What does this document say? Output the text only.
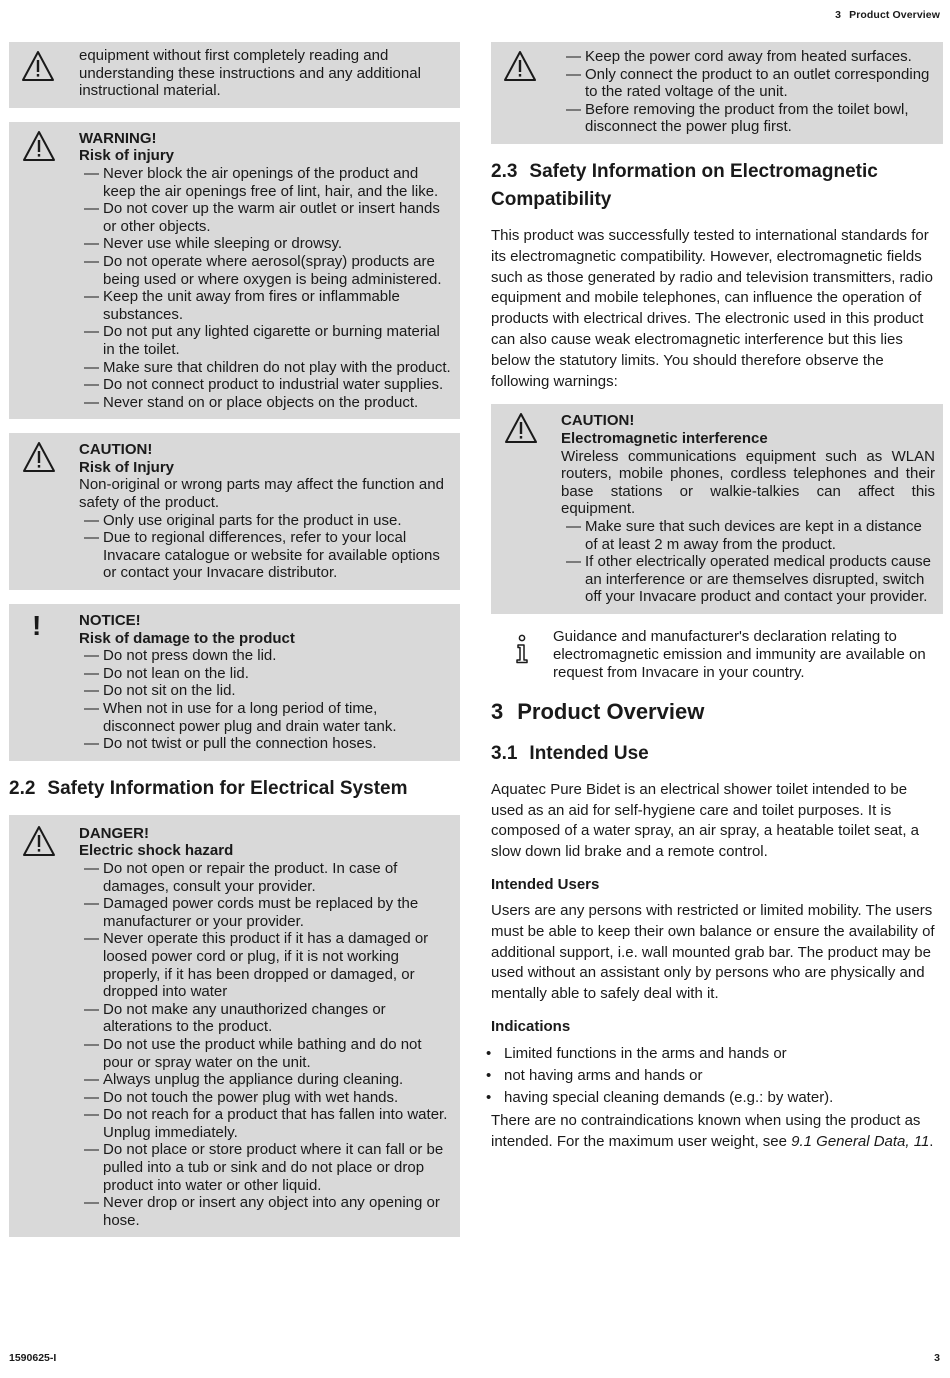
3 Product Overview

equipment without first completely reading and understanding these instructions and any additional instructional material.

WARNING!
Risk of injury
— Never block the air openings of the product and keep the air openings free of lint, hair, and the like.
— Do not cover up the warm air outlet or insert hands or other objects.
— Never use while sleeping or drowsy.
— Do not operate where aerosol(spray) products are being used or where oxygen is being administered.
— Keep the unit away from fires or inflammable substances.
— Do not put any lighted cigarette or burning material in the toilet.
— Make sure that children do not play with the product.
— Do not connect product to industrial water supplies.
— Never stand on or place objects on the product.
CAUTION!
Risk of Injury

Non-original or wrong parts may affect the function and safety of the product.

— Only use original parts for the product in use.
— Due to regional differences, refer to your local Invacare catalogue or website for available options or contact your Invacare distributor.
!	NOTICE!
Risk of damage to the product
— Do not press down the lid.
— Do not lean on the lid.
— Do not sit on the lid.
— When not in use for a long period of time, disconnect power plug and drain water tank.
— Do not twist or pull the connection hoses.
2.2 Safety Information for Electrical System
DANGER!
Electric shock hazard
— Do not open or repair the product. In case of damages, consult your provider.
— Damaged power cords must be replaced by the manufacturer or your provider.
— Never operate this product if it has a damaged or loosed power cord or plug, if it is not working properly, if it has been dropped or damaged, or dropped into water
— Do not make any unauthorized changes or alterations to the product.
— Do not use the product while bathing and do not pour or spray water on the unit.
— Always unplug the appliance during cleaning.
— Do not touch the power plug with wet hands.
— Do not reach for a product that has fallen into water. Unplug immediately.
— Do not place or store product where it can fall or be pulled into a tub or sink and do not place or drop product into water or other liquid.
— Never drop or insert any object into any opening or hose.
— Keep the power cord away from heated surfaces.
— Only connect the product to an outlet corresponding to the rated voltage of the unit.
— Before removing the product from the toilet bowl, disconnect the power plug first.
2.3 Safety Information on Electromagnetic Compatibility

This product was successfully tested to international standards for its electromagnetic compatibility. However, electromagnetic fields such as those generated by radio and television transmitters, radio equipment and mobile telephones, can influence the operation of products with electrical drives. The electronic used in this product can also cause weak electromagnetic interference but this lies below the statutory limits. You should therefore observe the following warnings:

CAUTION!
Electromagnetic interference

Wireless communications equipment such as WLAN routers, mobile phones, cordless telephones and their base stations or walkie-talkies can affect this equipment.

— Make sure that such devices are kept in a distance of at least 2 m away from the product.
— If other electrically operated medical products cause an interference or are themselves disrupted, switch off your Invacare product and contact your provider.

Guidance and manufacturer's declaration relating to electromagnetic emission and immunity are available on request from Invacare in your country.

3 Product Overview
3.1 Intended Use

Aquatec Pure Bidet is an electrical shower toilet intended to be used as an aid for self-hygiene care and toilet purposes. It is composed of a water spray, an air spray, a heatable toilet seat, a slow down lid brake and a remote control.

Intended Users

Users are any persons with restricted or limited mobility. The users must be able to keep their own balance or ensure the availability of additional support, i.e. wall mounted grab bar. The product may be used without an assistant only by persons who are physically and mentally able to safely deal with it.

Indications
• Limited functions in the arms and hands or
• not having arms and hands or
• having special cleaning demands (e.g.: by water).

There are no contraindications known when using the product as intended. For the maximum user weight, see 9.1 General Data, 11.

1590625-I	3
